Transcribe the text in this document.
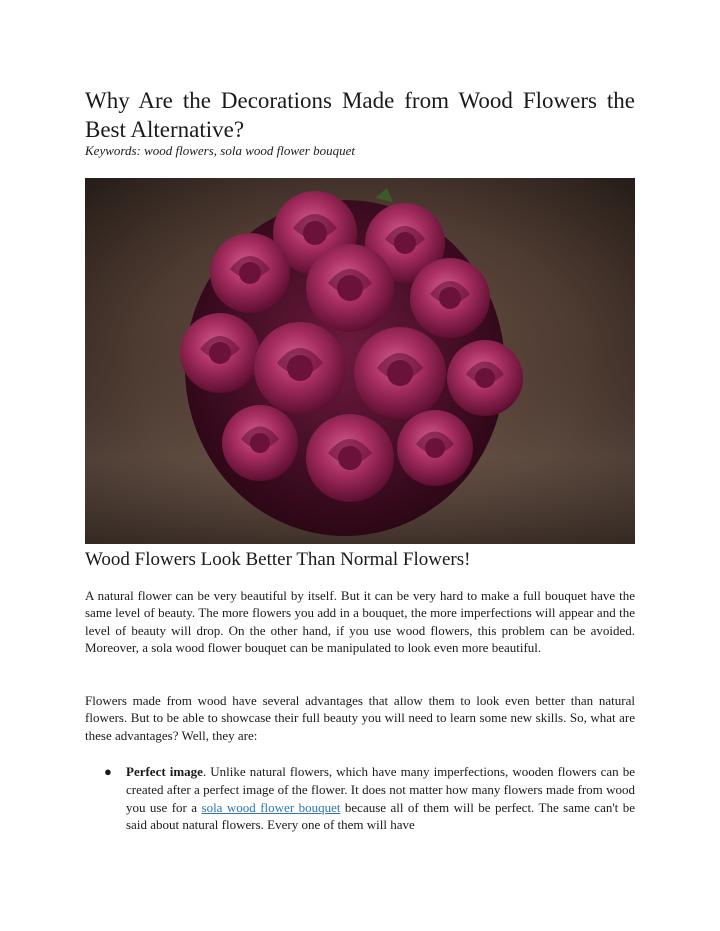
Why Are the Decorations Made from Wood Flowers the Best Alternative?
Keywords: wood flowers, sola wood flower bouquet
Wood Flowers Look Better Than Normal Flowers!

A natural flower can be very beautiful by itself. But it can be very hard to make a full bouquet have the same level of beauty. The more flowers you add in a bouquet, the more imperfections will appear and the level of beauty will drop. On the other hand, if you use wood flowers, this problem can be avoided. Moreover, a sola wood flower bouquet can be manipulated to look even more beautiful.

Flowers made from wood have several advantages that allow them to look even better than natural flowers. But to be able to showcase their full beauty you will need to learn some new skills. So, what are these advantages? Well, they are:

● Perfect image. Unlike natural flowers, which have many imperfections, wooden flowers can be created after a perfect image of the flower. It does not matter how many flowers made from wood you use for a sola wood flower bouquet because all of them will be perfect. The same can't be said about natural flowers. Every one of them will have
